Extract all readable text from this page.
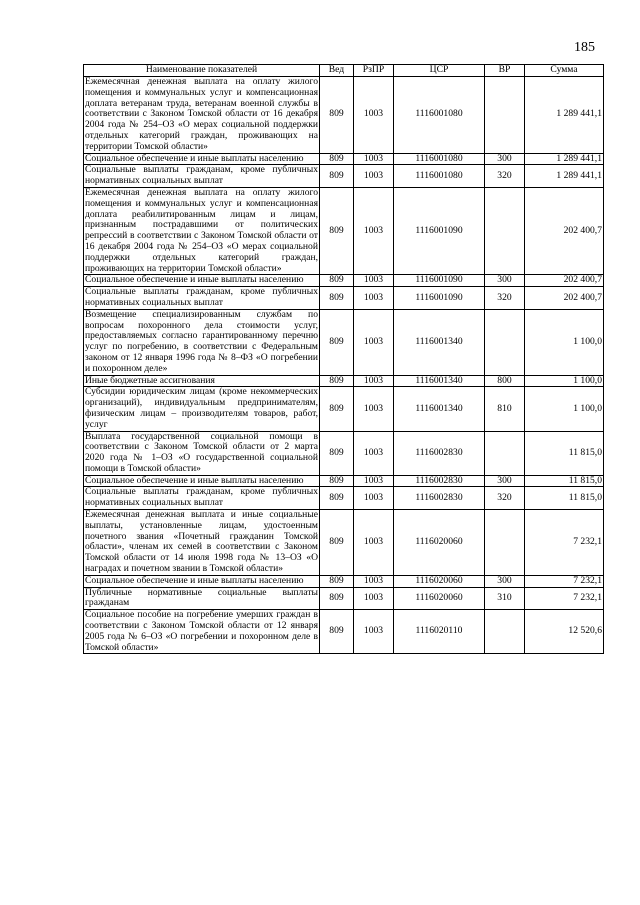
185
Наименование показателей	Вед	РзПР	ЦСР	ВР	Сумма
Ежемесячная денежная выплата на оплату жилого помещения и коммунальных услуг и компенсационная доплата ветеранам труда, ветеранам военной службы в соответствии с Законом Томской области от 16 декабря 2004 года № 254–ОЗ «О мерах социальной поддержки отдельных категорий граждан, проживающих на территории Томской области»	809	1003	1116001080		1 289 441,1
Социальное обеспечение и иные выплаты населению	809	1003	1116001080	300	1 289 441,1
Социальные выплаты гражданам, кроме публичных нормативных социальных выплат	809	1003	1116001080	320	1 289 441,1
Ежемесячная денежная выплата на оплату жилого помещения и коммунальных услуг и компенсационная доплата реабилитированным лицам и лицам, признанным пострадавшими от политических репрессий в соответствии с Законом Томской области от 16 декабря 2004 года № 254–ОЗ «О мерах социальной поддержки отдельных категорий граждан, проживающих на территории Томской области»	809	1003	1116001090		202 400,7
Социальное обеспечение и иные выплаты населению	809	1003	1116001090	300	202 400,7
Социальные выплаты гражданам, кроме публичных нормативных социальных выплат	809	1003	1116001090	320	202 400,7
Возмещение специализированным службам по вопросам похоронного дела стоимости услуг, предоставляемых согласно гарантированному перечню услуг по погребению, в соответствии с Федеральным законом от 12 января 1996 года № 8–ФЗ «О погребении и похоронном деле»	809	1003	1116001340		1 100,0
Иные бюджетные ассигнования	809	1003	1116001340	800	1 100,0
Субсидии юридическим лицам (кроме некоммерческих организаций), индивидуальным предпринимателям, физическим лицам – производителям товаров, работ, услуг	809	1003	1116001340	810	1 100,0
Выплата государственной социальной помощи в соответствии с Законом Томской области от 2 марта 2020 года № 1–ОЗ «О государственной социальной помощи в Томской области»	809	1003	1116002830		11 815,0
Социальное обеспечение и иные выплаты населению	809	1003	1116002830	300	11 815,0
Социальные выплаты гражданам, кроме публичных нормативных социальных выплат	809	1003	1116002830	320	11 815,0
Ежемесячная денежная выплата и иные социальные выплаты, установленные лицам, удостоенным почетного звания «Почетный гражданин Томской области», членам их семей в соответствии с Законом Томской области от 14 июля 1998 года № 13–ОЗ «О наградах и почетном звании в Томской области»	809	1003	1116020060		7 232,1
Социальное обеспечение и иные выплаты населению	809	1003	1116020060	300	7 232,1
Публичные нормативные социальные выплаты гражданам	809	1003	1116020060	310	7 232,1
Социальное пособие на погребение умерших граждан в соответствии с Законом Томской области от 12 января 2005 года № 6–ОЗ «О погребении и похоронном деле в Томской области»	809	1003	1116020110		12 520,6
